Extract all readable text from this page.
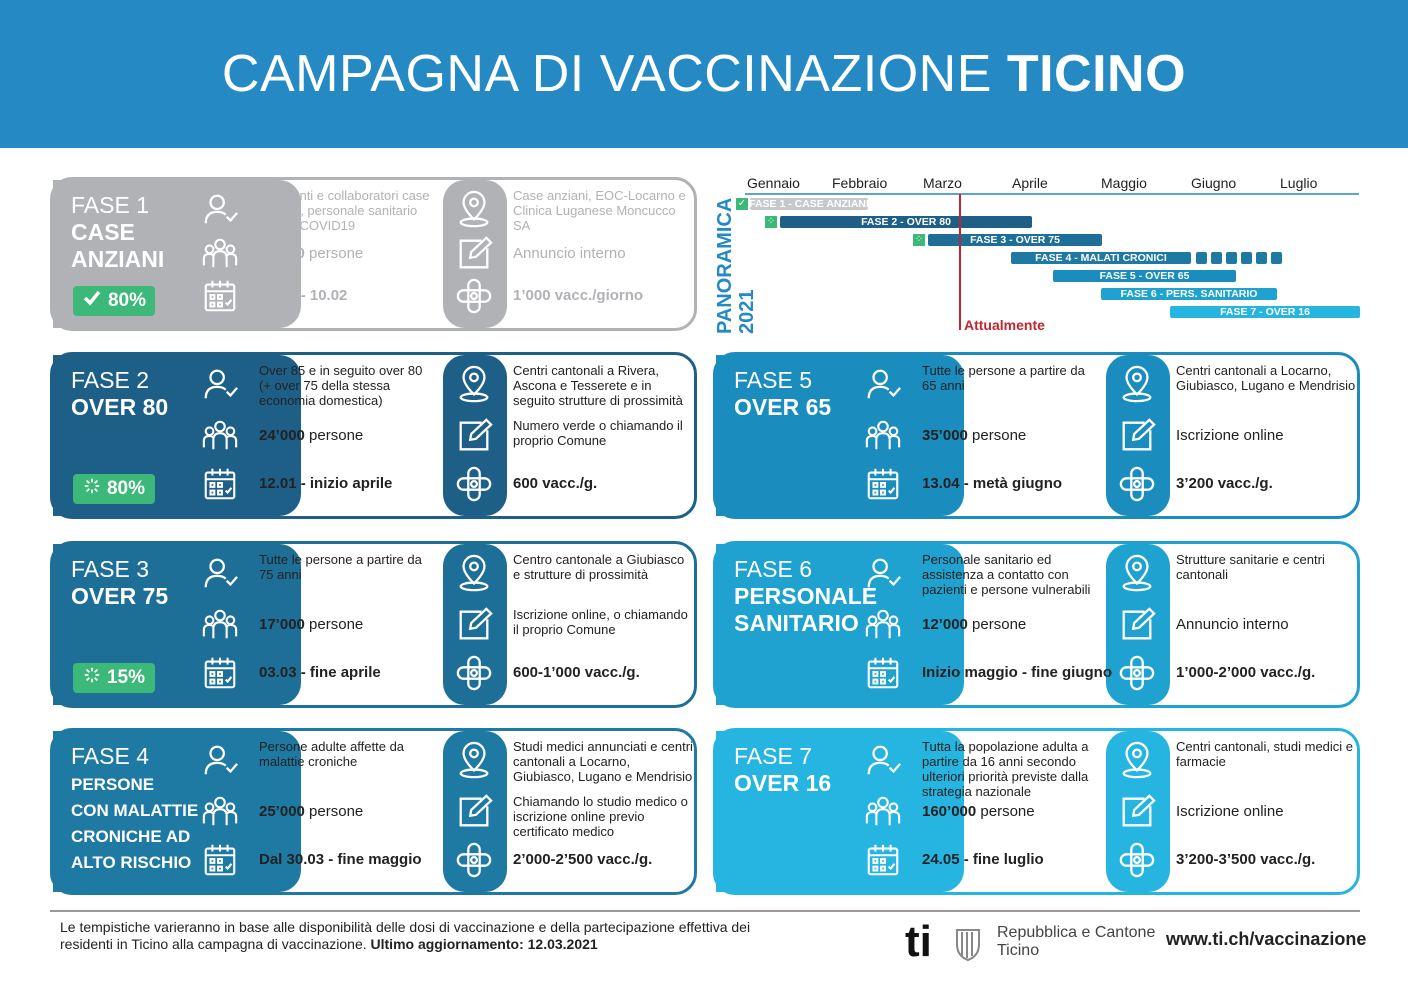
CAMPAGNA DI VACCINAZIONE TICINO
FASE 1
CASE
ANZIANI
80%
Residenti e collaboratori case anziani, personale sanitario reparti COVID19
10’000 persone
04.01 - 10.02
Case anziani, EOC-Locarno e Clinica Luganese Moncucco SA
Annuncio interno
1’000 vacc./giorno
FASE 2
OVER 80
80%
Over 85 e in seguito over 80 (+ over 75 della stessa economia domestica)
24’000 persone
12.01 - inizio aprile
Centri cantonali a Rivera, Ascona e Tesserete e in seguito strutture di prossimità
Numero verde o chiamando il proprio Comune
600 vacc./g.
FASE 3
OVER 75
15%
Tutte le persone a partire da 75 anni
17’000 persone
03.03 - fine aprile
Centro cantonale a Giubiasco e strutture di prossimità
Iscrizione online, o chiamando il proprio Comune
600-1’000 vacc./g.
FASE 4
PERSONE
CON MALATTIE
CRONICHE AD
ALTO RISCHIO
Persone adulte affette da malattie croniche
25’000 persone
Dal 30.03 - fine maggio
Studi medici annunciati e centri cantonali a Locarno, Giubiasco, Lugano e Mendrisio
Chiamando lo studio medico o iscrizione online previo certificato medico
2’000-2’500 vacc./g.
FASE 5
OVER 65
Tutte le persone a partire da 65 anni
35’000 persone
13.04 - metà giugno
Centri cantonali a Locarno, Giubiasco, Lugano e Mendrisio
Iscrizione online
3’200 vacc./g.
FASE 6
PERSONALE
SANITARIO
Personale sanitario ed assistenza a contatto con pazienti e persone vulnerabili
12’000 persone
Inizio maggio - fine giugno
Strutture sanitarie e centri cantonali
Annuncio interno
1’000-2’000 vacc./g.
FASE 7
OVER 16
Tutta la popolazione adulta a partire da 16 anni secondo ulteriori priorità previste dalla strategia nazionale
160’000 persone
24.05 - fine luglio
Centri cantonali, studi medici e farmacie
Iscrizione online
3’200-3’500 vacc./g.
PANORAMICA 2021
Gennaio Febbraio	Marzo	Aprile	Maggio	Giugno	Luglio
FASE 1 - CASE ANZIANI
✓
FASE 2 - OVER 80
⁘
FASE 3 - OVER 75
⁘
FASE 4 - MALATI CRONICI
FASE 5 - OVER 65
FASE 6 - PERS. SANITARIO
FASE 7 - OVER 16
Attualmente
Le tempistiche varieranno in base alle disponibilità delle dosi di vaccinazione e della partecipazione effettiva dei residenti in Ticino alla campagna di vaccinazione. Ultimo aggiornamento: 12.03.2021	ti	Repubblica e Cantone
Ticino
www.ti.ch/vaccinazione
